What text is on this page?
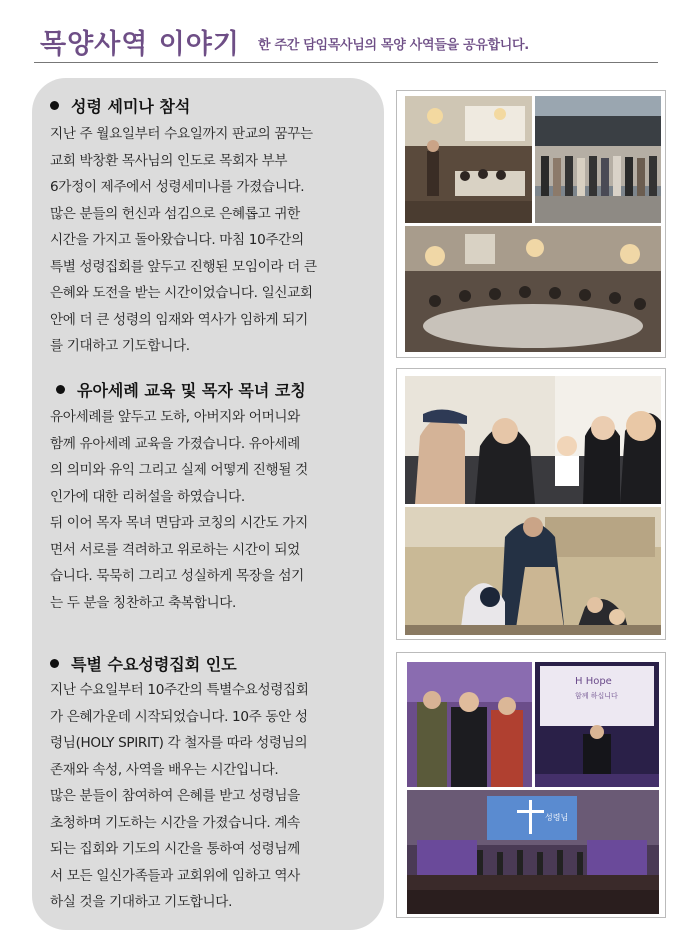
목양사역 이야기 한 주간 담임목사님의 목양 사역들을 공유합니다.
성령 세미나 참석

지난 주 월요일부터 수요일까지 판교의 꿈꾸는

교회 박창환 목사님의 인도로 목회자 부부

6가정이 제주에서 성령세미나를 가졌습니다.

많은 분들의 헌신과 섬김으로 은혜롭고 귀한

시간을 가지고 돌아왔습니다. 마침 10주간의

특별 성령집회를 앞두고 진행된 모임이라 더 큰

은혜와 도전을 받는 시간이었습니다. 일신교회

안에 더 큰 성령의 임재와 역사가 임하게 되기

를 기대하고 기도합니다.

유아세례 교육 및 목자 목녀 코칭

유아세례를 앞두고 도하, 아버지와 어머니와

함께 유아세례 교육을 가졌습니다. 유아세례

의 의미와 유익 그리고 실제 어떻게 진행될 것

인가에 대한 리허설을 하였습니다.

뒤 이어 목자 목녀 면담과 코칭의 시간도 가지

면서 서로를 격려하고 위로하는 시간이 되었

습니다. 묵묵히 그리고 성실하게 목장을 섬기

는 두 분을 칭찬하고 축복합니다.

특별 수요성령집회 인도

지난 수요일부터 10주간의 특별수요성령집회

가 은혜가운데 시작되었습니다. 10주 동안 성

령님(HOLY SPIRIT) 각 철자를 따라 성령님의

존재와 속성, 사역을 배우는 시간입니다.

많은 분들이 참여하여 은혜를 받고 성령님을

초청하며 기도하는 시간을 가졌습니다. 계속

되는 집회와 기도의 시간을 통하여 성령님께

서 모든 일신가족들과 교회위에 임하고 역사

하실 것을 기대하고 기도합니다.

H Hope
함께 하십니다
성령님
